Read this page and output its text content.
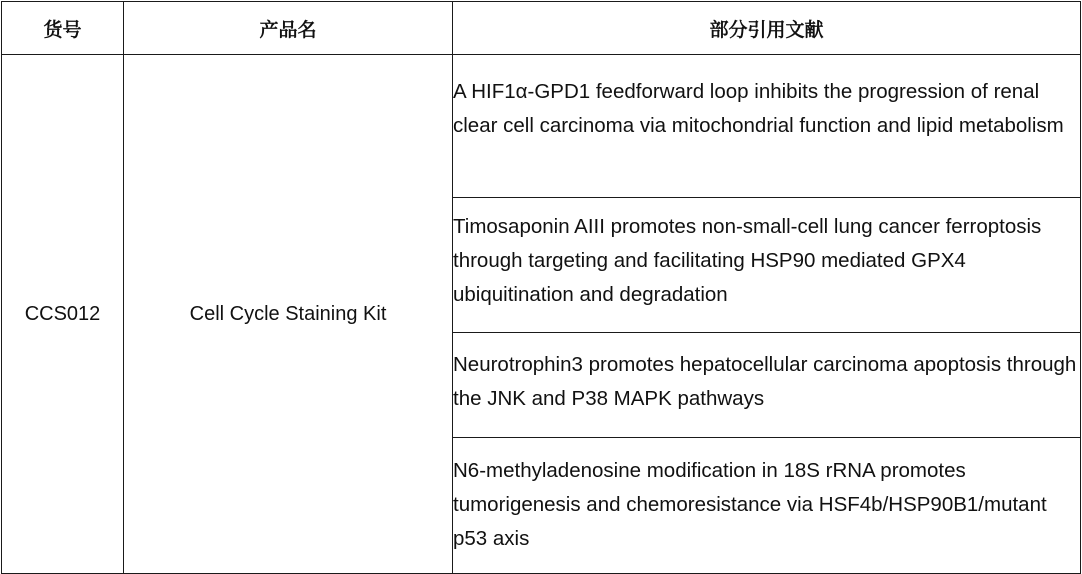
货号	产品名	部分引用文献
CCS012	Cell Cycle Staining Kit	A HIF1α-GPD1 feedforward loop inhibits the progression of renal clear cell carcinoma via mitochondrial function and lipid metabolism
		Timosaponin AIII promotes non-small-cell lung cancer ferroptosis through targeting and facilitating HSP90 mediated GPX4 ubiquitination and degradation
		Neurotrophin3 promotes hepatocellular carcinoma apoptosis through the JNK and P38 MAPK pathways
		N6-methyladenosine modification in 18S rRNA promotes tumorigenesis and chemoresistance via HSF4b/HSP90B1/mutant p53 axis
